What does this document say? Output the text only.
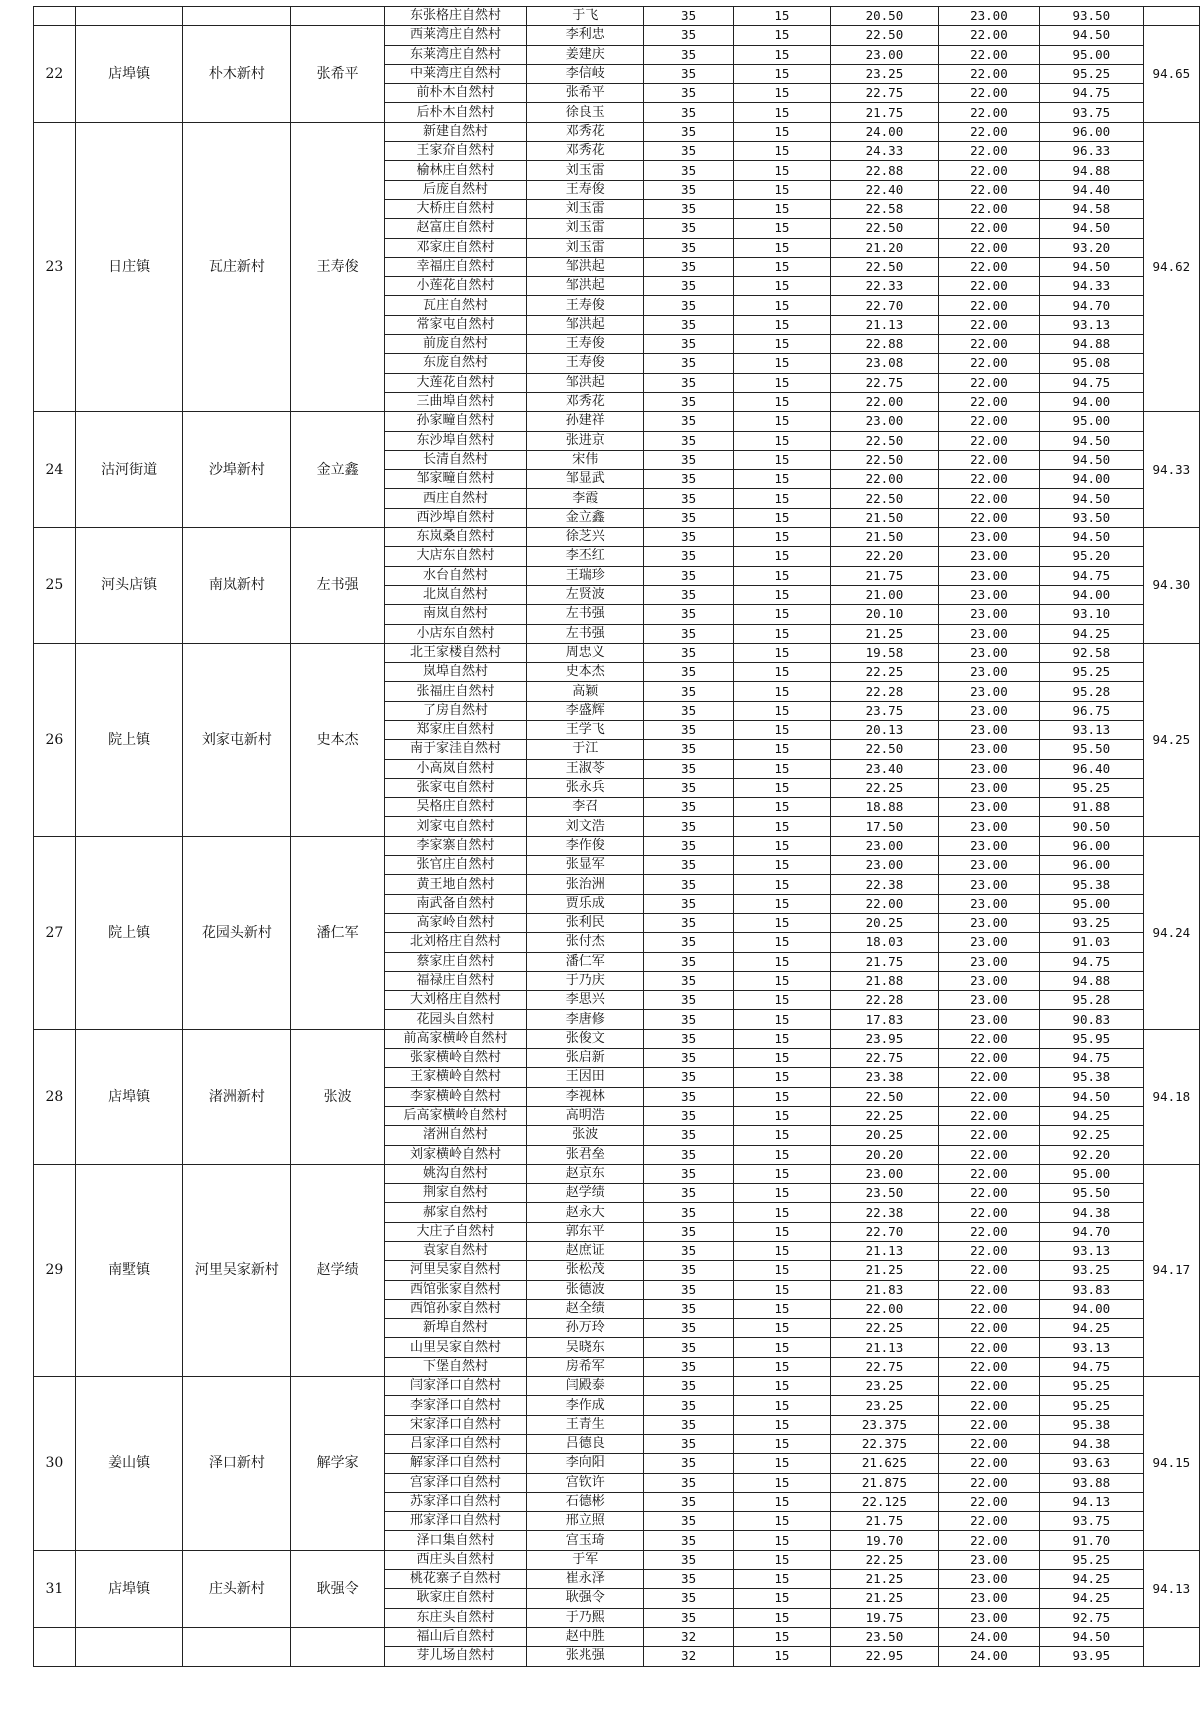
				东张格庄自然村	于飞	35	15	20.50	23.00	93.50	
22	店埠镇	朴木新村	张希平	西莱湾庄自然村	李利忠	35	15	22.50	22.00	94.50	94.65
				东莱湾庄自然村	姜建庆	35	15	23.00	22.00	95.00	
				中莱湾庄自然村	李信岐	35	15	23.25	22.00	95.25	
				前朴木自然村	张希平	35	15	22.75	22.00	94.75	
				后朴木自然村	徐良玉	35	15	21.75	22.00	93.75	
23	日庄镇	瓦庄新村	王寿俊	新建自然村	邓秀花	35	15	24.00	22.00	96.00	94.62
				王家夼自然村	邓秀花	35	15	24.33	22.00	96.33	
				榆林庄自然村	刘玉雷	35	15	22.88	22.00	94.88	
				后庞自然村	王寿俊	35	15	22.40	22.00	94.40	
				大桥庄自然村	刘玉雷	35	15	22.58	22.00	94.58	
				赵富庄自然村	刘玉雷	35	15	22.50	22.00	94.50	
				邓家庄自然村	刘玉雷	35	15	21.20	22.00	93.20	
				幸福庄自然村	邹洪起	35	15	22.50	22.00	94.50	
				小莲花自然村	邹洪起	35	15	22.33	22.00	94.33	
				瓦庄自然村	王寿俊	35	15	22.70	22.00	94.70	
				常家屯自然村	邹洪起	35	15	21.13	22.00	93.13	
				前庞自然村	王寿俊	35	15	22.88	22.00	94.88	
				东庞自然村	王寿俊	35	15	23.08	22.00	95.08	
				大莲花自然村	邹洪起	35	15	22.75	22.00	94.75	
				三曲埠自然村	邓秀花	35	15	22.00	22.00	94.00	
24	沽河街道	沙埠新村	金立鑫	孙家疃自然村	孙建祥	35	15	23.00	22.00	95.00	94.33
				东沙埠自然村	张进京	35	15	22.50	22.00	94.50	
				长清自然村	宋伟	35	15	22.50	22.00	94.50	
				邹家疃自然村	邹显武	35	15	22.00	22.00	94.00	
				西庄自然村	李霞	35	15	22.50	22.00	94.50	
				西沙埠自然村	金立鑫	35	15	21.50	22.00	93.50	
25	河头店镇	南岚新村	左书强	东岚桑自然村	徐芝兴	35	15	21.50	23.00	94.50	94.30
				大店东自然村	李丕红	35	15	22.20	23.00	95.20	
				水台自然村	王瑞珍	35	15	21.75	23.00	94.75	
				北岚自然村	左贤波	35	15	21.00	23.00	94.00	
				南岚自然村	左书强	35	15	20.10	23.00	93.10	
				小店东自然村	左书强	35	15	21.25	23.00	94.25	
26	院上镇	刘家屯新村	史本杰	北王家楼自然村	周忠义	35	15	19.58	23.00	92.58	94.25
				岚埠自然村	史本杰	35	15	22.25	23.00	95.25	
				张福庄自然村	高颖	35	15	22.28	23.00	95.28	
				了房自然村	李盛辉	35	15	23.75	23.00	96.75	
				郑家庄自然村	王学飞	35	15	20.13	23.00	93.13	
				南于家洼自然村	于江	35	15	22.50	23.00	95.50	
				小高岚自然村	王淑苓	35	15	23.40	23.00	96.40	
				张家屯自然村	张永兵	35	15	22.25	23.00	95.25	
				吴格庄自然村	李召	35	15	18.88	23.00	91.88	
				刘家屯自然村	刘文浩	35	15	17.50	23.00	90.50	
27	院上镇	花园头新村	潘仁军	李家寨自然村	李作俊	35	15	23.00	23.00	96.00	94.24
				张官庄自然村	张显军	35	15	23.00	23.00	96.00	
				黄王地自然村	张治洲	35	15	22.38	23.00	95.38	
				南武备自然村	贾乐成	35	15	22.00	23.00	95.00	
				高家岭自然村	张利民	35	15	20.25	23.00	93.25	
				北刘格庄自然村	张付杰	35	15	18.03	23.00	91.03	
				蔡家庄自然村	潘仁军	35	15	21.75	23.00	94.75	
				福禄庄自然村	于乃庆	35	15	21.88	23.00	94.88	
				大刘格庄自然村	李思兴	35	15	22.28	23.00	95.28	
				花园头自然村	李唐修	35	15	17.83	23.00	90.83	
28	店埠镇	渚洲新村	张波	前高家横岭自然村	张俊文	35	15	23.95	22.00	95.95	94.18
				张家横岭自然村	张启新	35	15	22.75	22.00	94.75	
				王家横岭自然村	王因田	35	15	23.38	22.00	95.38	
				李家横岭自然村	李视林	35	15	22.50	22.00	94.50	
				后高家横岭自然村	高明浩	35	15	22.25	22.00	94.25	
				渚洲自然村	张波	35	15	20.25	22.00	92.25	
				刘家横岭自然村	张君垒	35	15	20.20	22.00	92.20	
29	南墅镇	河里吴家新村	赵学绩	姚沟自然村	赵京东	35	15	23.00	22.00	95.00	94.17
				荆家自然村	赵学绩	35	15	23.50	22.00	95.50	
				郝家自然村	赵永大	35	15	22.38	22.00	94.38	
				大庄子自然村	郭东平	35	15	22.70	22.00	94.70	
				袁家自然村	赵庶证	35	15	21.13	22.00	93.13	
				河里吴家自然村	张松茂	35	15	21.25	22.00	93.25	
				西馆张家自然村	张德波	35	15	21.83	22.00	93.83	
				西馆孙家自然村	赵全绩	35	15	22.00	22.00	94.00	
				新埠自然村	孙万玲	35	15	22.25	22.00	94.25	
				山里吴家自然村	吴晓东	35	15	21.13	22.00	93.13	
				下堡自然村	房希军	35	15	22.75	22.00	94.75	
30	姜山镇	泽口新村	解学家	闫家泽口自然村	闫殿泰	35	15	23.25	22.00	95.25	94.15
				李家泽口自然村	李作成	35	15	23.25	22.00	95.25	
				宋家泽口自然村	王青生	35	15	23.375	22.00	95.38	
				吕家泽口自然村	吕德良	35	15	22.375	22.00	94.38	
				解家泽口自然村	李向阳	35	15	21.625	22.00	93.63	
				宫家泽口自然村	宫钦许	35	15	21.875	22.00	93.88	
				苏家泽口自然村	石德彬	35	15	22.125	22.00	94.13	
				邢家泽口自然村	邢立照	35	15	21.75	22.00	93.75	
				泽口集自然村	宫玉琦	35	15	19.70	22.00	91.70	
31	店埠镇	庄头新村	耿强令	西庄头自然村	于军	35	15	22.25	23.00	95.25	94.13
				桃花寨子自然村	崔永泽	35	15	21.25	23.00	94.25	
				耿家庄自然村	耿强令	35	15	21.25	23.00	94.25	
				东庄头自然村	于乃熙	35	15	19.75	23.00	92.75	
				福山后自然村	赵中胜	32	15	23.50	24.00	94.50	
				芽儿场自然村	张兆强	32	15	22.95	24.00	93.95	
